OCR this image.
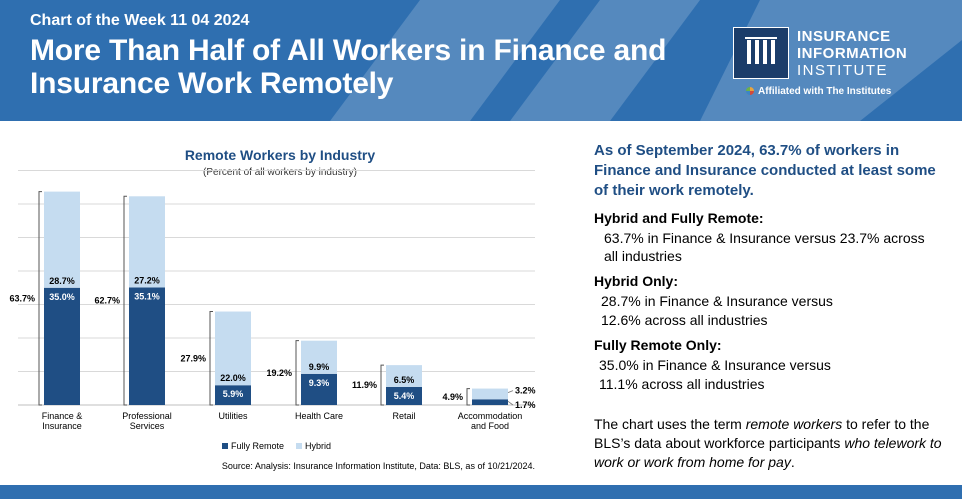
Chart of the Week 11 04 2024
More Than Half of All Workers in Finance and
Insurance Work Remotely
INSURANCE
INFORMATION
INSTITUTE
Affiliated with The Institutes
Remote Workers by Industry
(Percent of all workers by industry)
63.7% 35.0%
28.7%
62.7% 35.1%
27.2%
27.9%
5.9%
22.0%
19.2%
9.3%
9.9%
11.9%
5.4%
6.5%
4.9%
3.2%
1.7%
Finance & Insurance
Professional Services
Utilities	Health Care	Retail	Accommodation and Food
Fully Remote Hybrid
Source: Analysis: Insurance Information Institute, Data: BLS, as of 10/21/2024.
As of September 2024, 63.7% of workers in Finance and Insurance conducted at least some of their work remotely.
Hybrid and Fully Remote:
63.7% in Finance & Insurance versus 23.7% across
all industries
Hybrid Only:
28.7% in Finance & Insurance versus
12.6% across all industries
Fully Remote Only:
35.0% in Finance & Insurance versus
11.1% across all industries
The chart uses the term remote workers to refer to the BLS’s data about workforce participants who telework to work or work from home for pay.
